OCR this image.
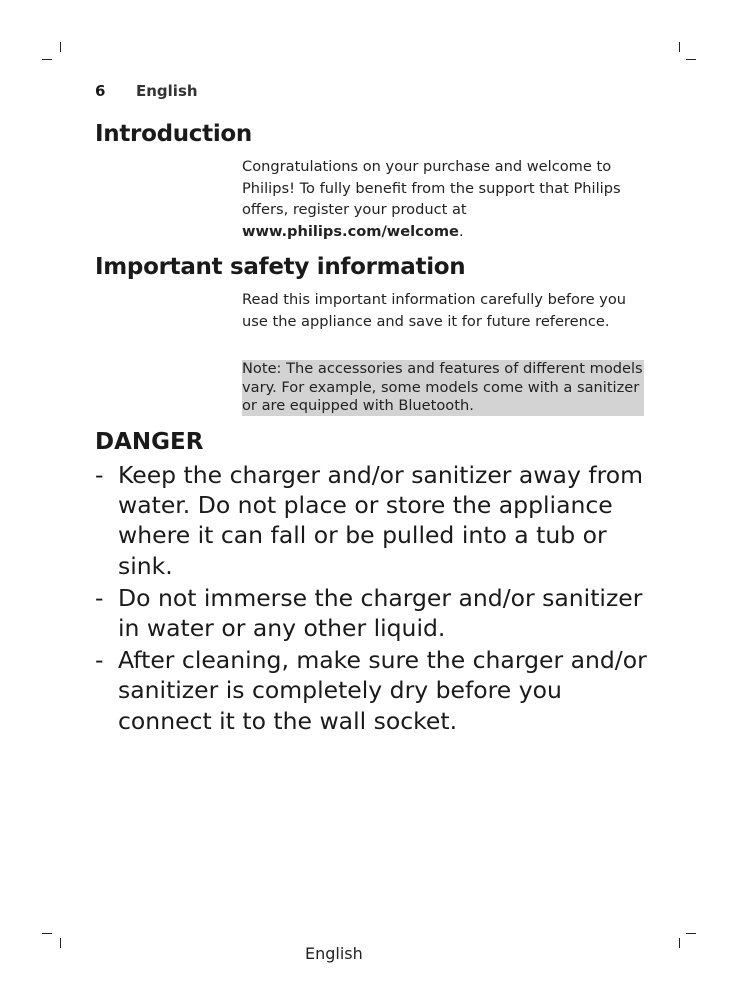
6 English
Introduction

Congratulations on your purchase and welcome to Philips! To fully benefit from the support that Philips offers, register your product at www.philips.com/welcome.

Important safety information

Read this important information carefully before you use the appliance and save it for future reference.

Note: The accessories and features of different models vary. For example, some models come with a sanitizer or are equipped with Bluetooth.
DANGER
- Keep the charger and/or sanitizer away from water. Do not place or store the appliance where it can fall or be pulled into a tub or sink.
- Do not immerse the charger and/or sanitizer in water or any other liquid.
- After cleaning, make sure the charger and/or sanitizer is completely dry before you connect it to the wall socket.
English
